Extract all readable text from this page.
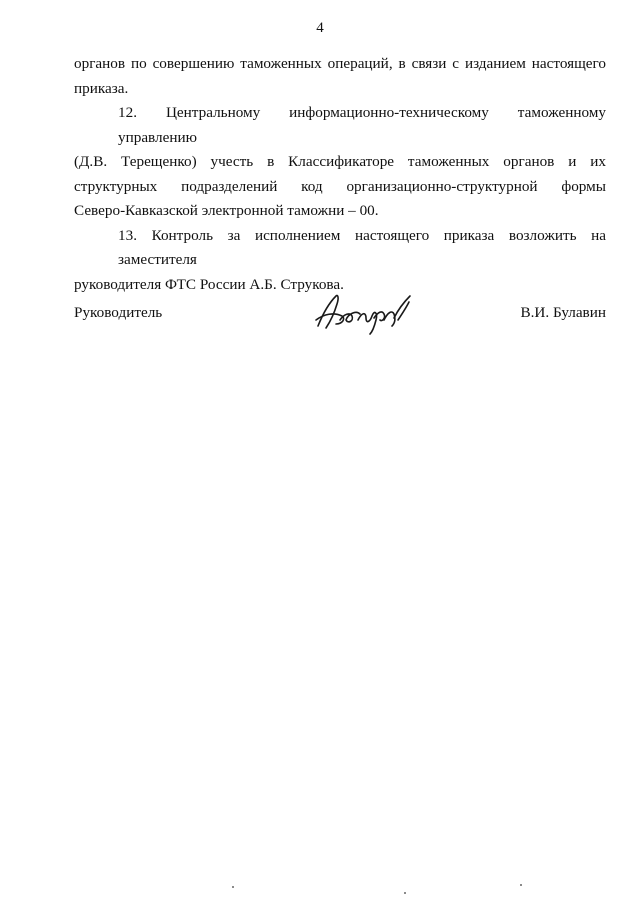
4
органов по совершению таможенных операций, в связи с изданием настоящего
приказа.
12. Центральному информационно-техническому таможенному управлению
(Д.В. Терещенко) учесть в Классификаторе таможенных органов и их
структурных подразделений код организационно-структурной формы
Северо-Кавказской электронной таможни – 00.
13. Контроль за исполнением настоящего приказа возложить на заместителя
руководителя ФТС России А.Б. Струкова.
Руководитель	В.И. Булавин
